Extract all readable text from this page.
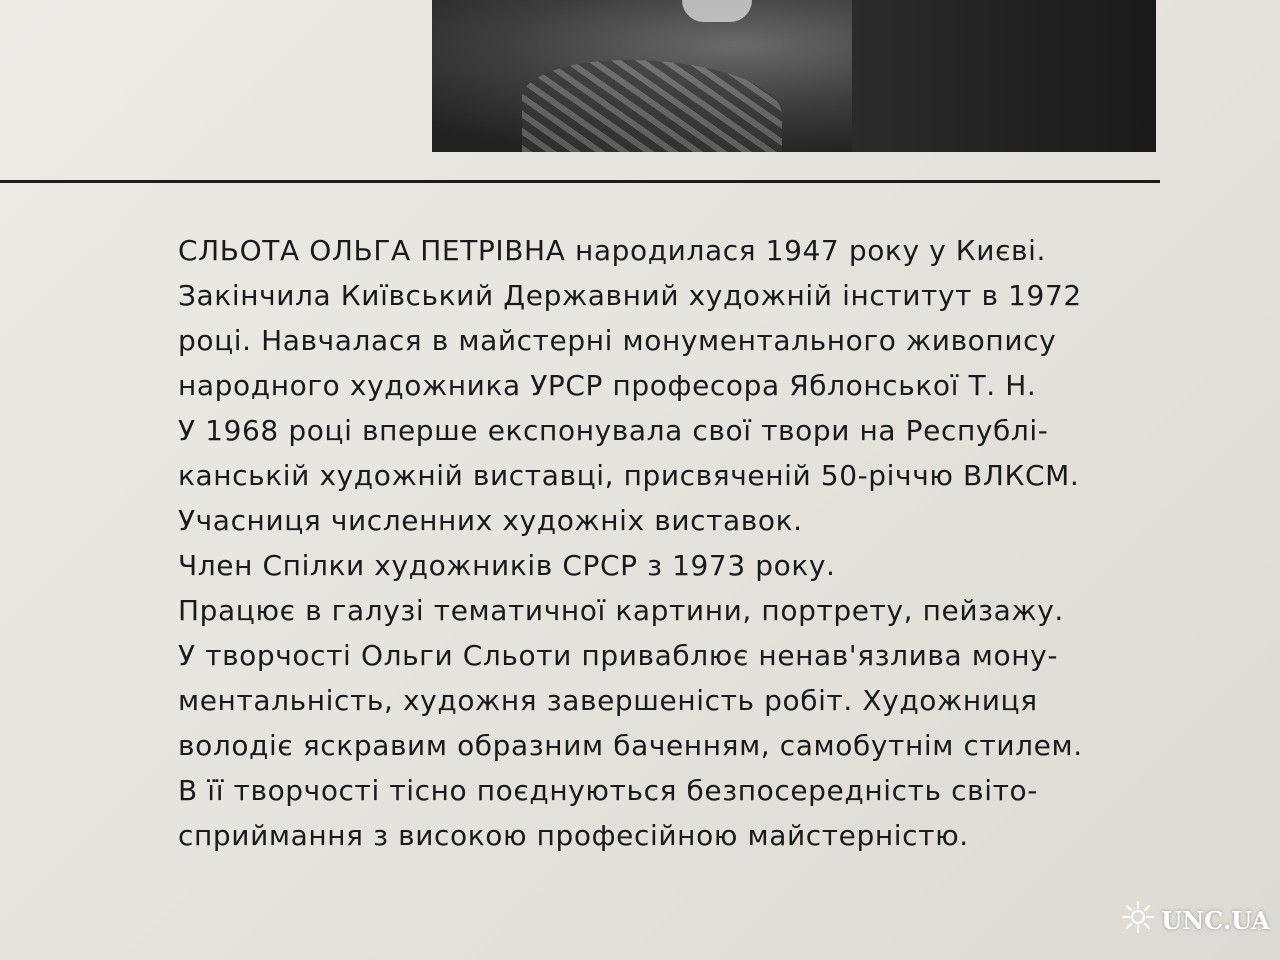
СЛЬОТА ОЛЬГА ПЕТРІВНА народилася 1947 року у Києві.
Закінчила Київський Державний художній інститут в 1972
році. Навчалася в майстерні монументального живопису
народного художника УРСР професора Яблонської Т. Н.
У 1968 році вперше експонувала свої твори на Республі-
канській художній виставці, присвяченій 50-річчю ВЛКСМ.
Учасниця численних художніх виставок.
Член Спілки художників СРСР з 1973 року.
Працює в галузі тематичної картини, портрету, пейзажу.
У творчості Ольги Сльоти приваблює ненав'язлива мону-
ментальність, художня завершеність робіт. Художниця
володіє яскравим образним баченням, самобутнім стилем.
В її творчості тісно поєднуються безпосередність світо-
сприймання з високою професійною майстерністю.
UNC.UA
